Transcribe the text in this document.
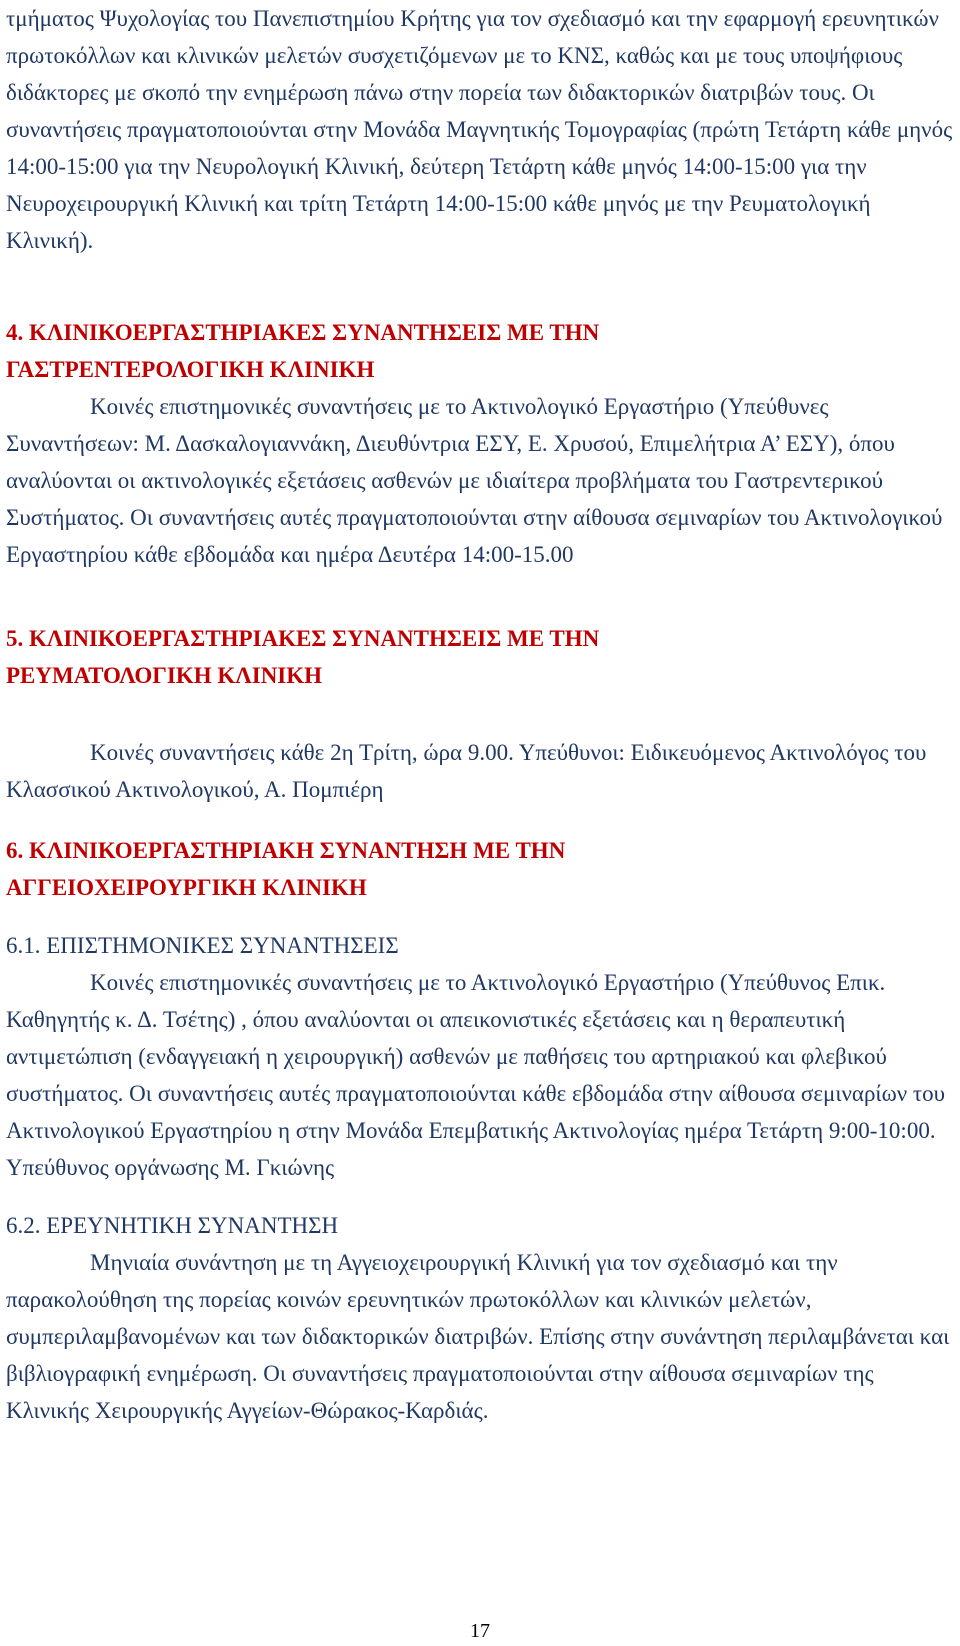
τμήματος Ψυχολογίας του Πανεπιστημίου Κρήτης για τον σχεδιασμό και την εφαρμογή ερευνητικών πρωτοκόλλων και κλινικών μελετών συσχετιζόμενων με το ΚΝΣ, καθώς και με τους υποψήφιους διδάκτορες με σκοπό την ενημέρωση πάνω στην πορεία των διδακτορικών διατριβών τους. Οι συναντήσεις πραγματοποιούνται στην Μονάδα Μαγνητικής Τομογραφίας (πρώτη Τετάρτη κάθε μηνός 14:00-15:00 για την Νευρολογική Κλινική, δεύτερη Τετάρτη κάθε μηνός 14:00-15:00 για την Νευροχειρουργική Κλινική και τρίτη Τετάρτη 14:00-15:00 κάθε μηνός με την Ρευματολογική Κλινική).

4. ΚΛΙΝΙΚΟΕΡΓΑΣΤΗΡΙΑΚΕΣ ΣΥΝΑΝΤΗΣΕΙΣ ΜΕ ΤΗΝ

ΓΑΣΤΡΕΝΤΕΡΟΛΟΓΙΚΗ ΚΛΙΝΙΚΗ

Κοινές επιστημονικές συναντήσεις με το Ακτινολογικό Εργαστήριο (Υπεύθυνες Συναντήσεων: Μ. Δασκαλογιαννάκη, Διευθύντρια ΕΣΥ, Ε. Χρυσού, Επιμελήτρια Α’ ΕΣΥ), όπου αναλύονται οι ακτινολογικές εξετάσεις ασθενών με ιδιαίτερα προβλήματα του Γαστρεντερικού Συστήματος. Οι συναντήσεις αυτές πραγματοποιούνται στην αίθουσα σεμιναρίων του Ακτινολογικού Εργαστηρίου κάθε εβδομάδα και ημέρα Δευτέρα 14:00-15.00

5. ΚΛΙΝΙΚΟΕΡΓΑΣΤΗΡΙΑΚΕΣ ΣΥΝΑΝΤΗΣΕΙΣ ΜΕ ΤΗΝ

ΡΕΥΜΑΤΟΛΟΓΙΚΗ ΚΛΙΝΙΚΗ

Κοινές συναντήσεις κάθε 2η Τρίτη, ώρα 9.00. Υπεύθυνοι: Ειδικευόμενος Ακτινολόγος του Κλασσικού Ακτινολογικού, Α. Πομπιέρη

6. ΚΛΙΝΙΚΟΕΡΓΑΣΤΗΡΙΑΚΗ ΣΥΝΑΝΤΗΣΗ ΜΕ ΤΗΝ

ΑΓΓΕΙΟΧΕΙΡΟΥΡΓΙΚΗ ΚΛΙΝΙΚΗ

6.1. ΕΠΙΣΤΗΜΟΝΙΚΕΣ ΣΥΝΑΝΤΗΣΕΙΣ

Κοινές επιστημονικές συναντήσεις με το Ακτινολογικό Εργαστήριο (Υπεύθυνος Επικ. Καθηγητής κ. Δ. Τσέτης) , όπου αναλύονται οι απεικονιστικές εξετάσεις και η θεραπευτική αντιμετώπιση (ενδαγγειακή η χειρουργική) ασθενών με παθήσεις του αρτηριακού και φλεβικού συστήματος. Οι συναντήσεις αυτές πραγματοποιούνται κάθε εβδομάδα στην αίθουσα σεμιναρίων του Ακτινολογικού Εργαστηρίου η στην Μονάδα Επεμβατικής Ακτινολογίας ημέρα Τετάρτη 9:00-10:00. Υπεύθυνος οργάνωσης Μ. Γκιώνης

6.2. ΕΡΕΥΝΗΤΙΚΗ ΣΥΝΑΝΤΗΣΗ

Μηνιαία συνάντηση με τη Αγγειοχειρουργική Κλινική για τον σχεδιασμό και την παρακολούθηση της πορείας κοινών ερευνητικών πρωτοκόλλων και κλινικών μελετών, συμπεριλαμβανομένων και των διδακτορικών διατριβών. Επίσης στην συνάντηση περιλαμβάνεται και βιβλιογραφική ενημέρωση. Οι συναντήσεις πραγματοποιούνται στην αίθουσα σεμιναρίων της Κλινικής Χειρουργικής Αγγείων-Θώρακος-Καρδιάς.

17
